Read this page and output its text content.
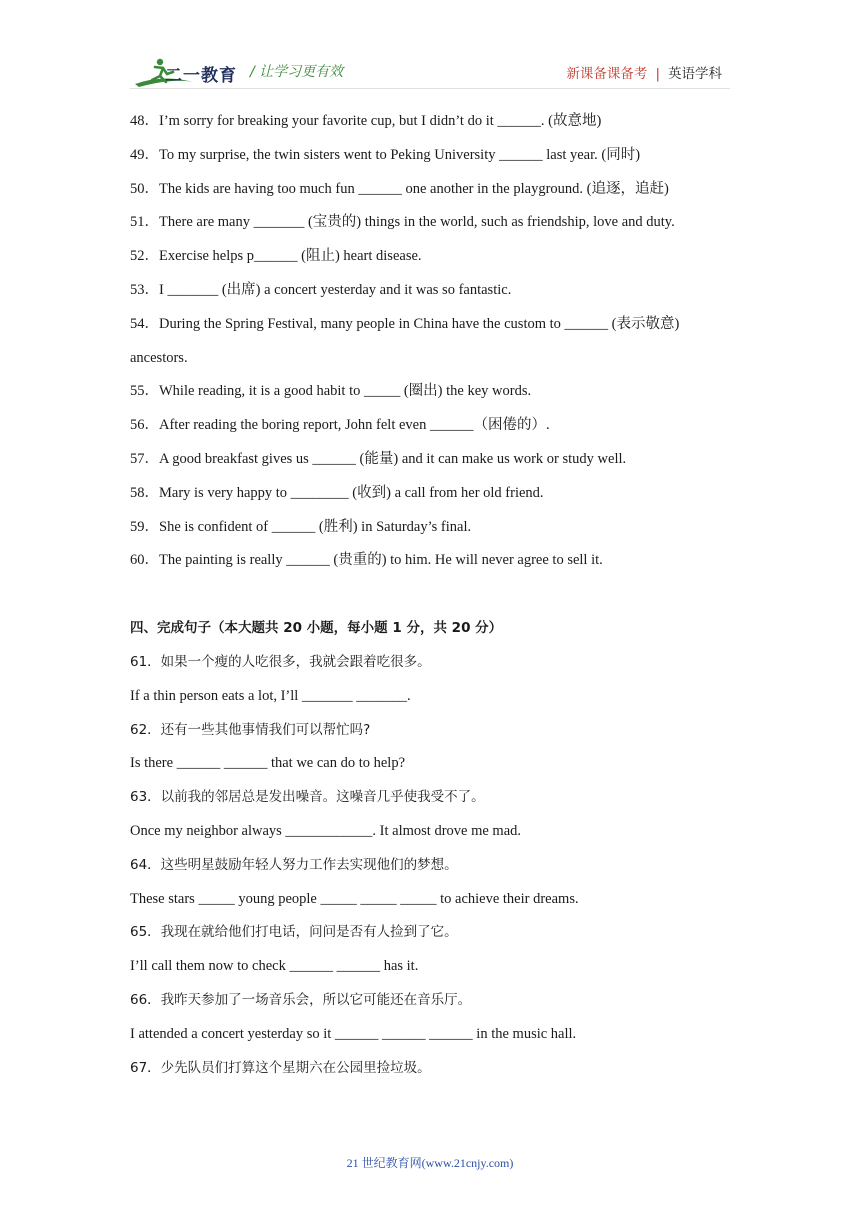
二一教育 / 让学习更有效	新课备课备考 | 英语学科
48．I’m sorry for breaking your favorite cup, but I didn’t do it ______. (故意地)
49．To my surprise, the twin sisters went to Peking University ______ last year. (同时)
50．The kids are having too much fun ______ one another in the playground. (追逐，追赶)
51．There are many _______ (宝贵的) things in the world, such as friendship, love and duty.
52．Exercise helps p______ (阻止) heart disease.
53．I _______ (出席) a concert yesterday and it was so fantastic.
54．During the Spring Festival, many people in China have the custom to ______ (表示敬意)
ancestors.
55．While reading, it is a good habit to _____ (圈出) the key words.
56．After reading the boring report, John felt even ______（困倦的）.
57．A good breakfast gives us ______ (能量) and it can make us work or study well.
58．Mary is very happy to ________ (收到) a call from her old friend.
59．She is confident of ______ (胜利) in Saturday’s final.
60．The painting is really ______ (贵重的) to him. He will never agree to sell it.
四、完成句子（本大题共 20 小题，每小题 1 分，共 20 分）
61．如果一个瘦的人吃很多，我就会跟着吃很多。
If a thin person eats a lot, I’ll _______ _______.
62．还有一些其他事情我们可以帮忙吗?
Is there ______ ______ that we can do to help?
63．以前我的邻居总是发出噪音。这噪音几乎使我受不了。
Once my neighbor always ____________. It almost drove me mad.
64．这些明星鼓励年轻人努力工作去实现他们的梦想。
These stars _____ young people _____ _____ _____ to achieve their dreams.
65．我现在就给他们打电话，问问是否有人捡到了它。
I’ll call them now to check ______ ______ has it.
66．我昨天参加了一场音乐会，所以它可能还在音乐厅。
I attended a concert yesterday so it ______ ______ ______ in the music hall.
67．少先队员们打算这个星期六在公园里捡垃圾。
21 世纪教育网(www.21cnjy.com)
